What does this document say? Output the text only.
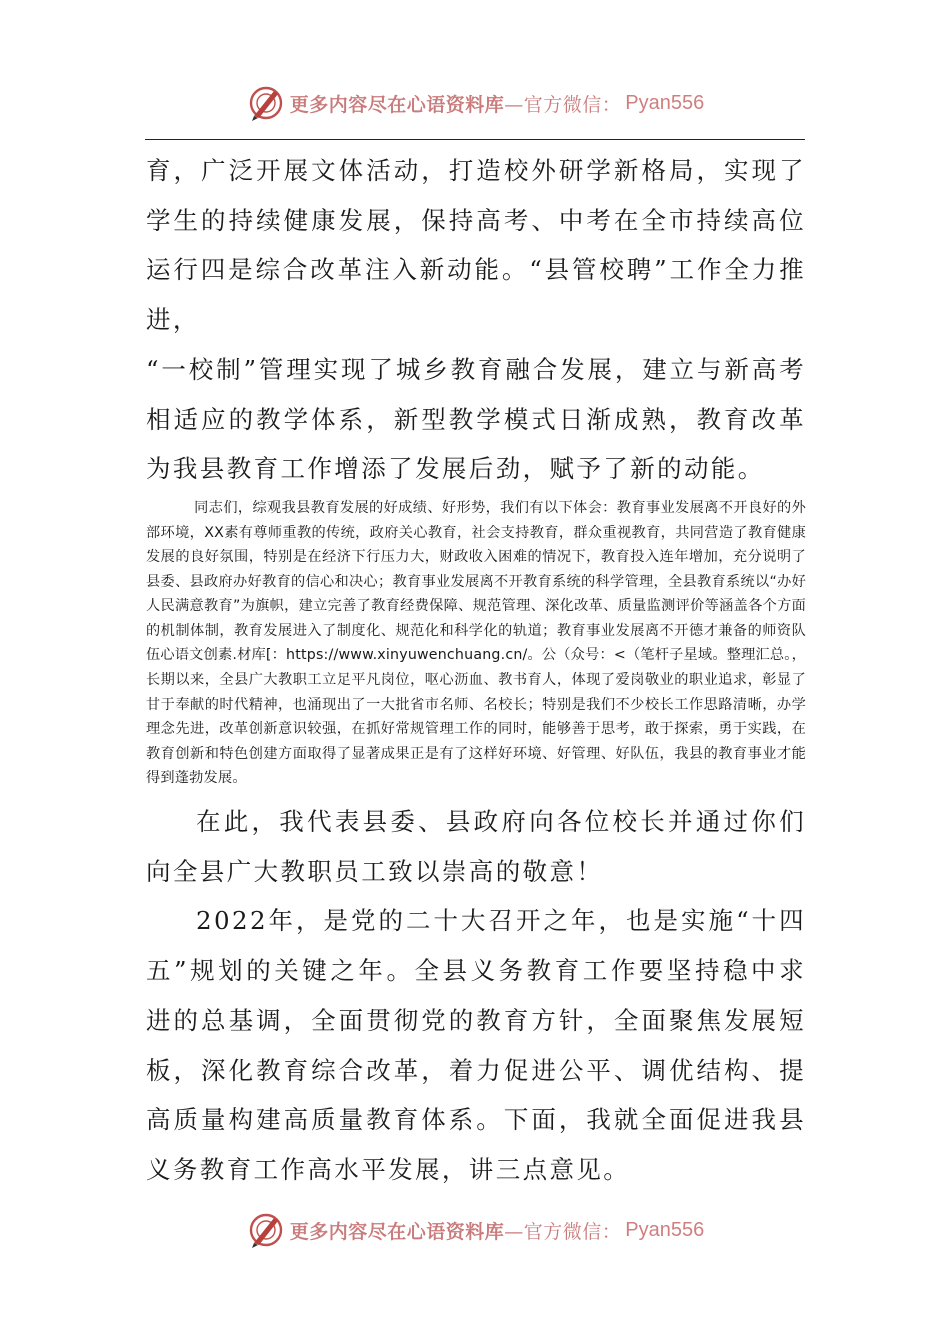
更多内容尽在心语资料库—官方微信： Pyan556

育，广泛开展文体活动，打造校外研学新格局，实现了学生的持续健康发展，保持高考、中考在全市持续高位运行四是综合改革注入新动能。“县管校聘”工作全力推进，

“一校制”管理实现了城乡教育融合发展，建立与新高考相适应的教学体系，新型教学模式日渐成熟，教育改革为我县教育工作增添了发展后劲，赋予了新的动能。

同志们，综观我县教育发展的好成绩、好形势，我们有以下体会：教育事业发展离不开良好的外部环境，XX素有尊师重教的传统，政府关心教育，社会支持教育，群众重视教育，共同营造了教育健康发展的良好氛围，特别是在经济下行压力大，财政收入困难的情况下，教育投入连年增加，充分说明了县委、县政府办好教育的信心和决心；教育事业发展离不开教育系统的科学管理，全县教育系统以“办好人民满意教育”为旗帜，建立完善了教育经费保障、规范管理、深化改革、质量监测评价等涵盖各个方面的机制体制，教育发展进入了制度化、规范化和科学化的轨道；教育事业发展离不开德才兼备的师资队伍心语文创素.材库[：https://www.xinyuwenchuang.cn/。公（众号：<（笔杆子星域。整理汇总。，长期以来，全县广大教职工立足平凡岗位，呕心沥血、教书育人，体现了爱岗敬业的职业追求，彰显了甘于奉献的时代精神，也涌现出了一大批省市名师、名校长；特别是我们不少校长工作思路清晰，办学理念先进，改革创新意识较强，在抓好常规管理工作的同时，能够善于思考，敢于探索，勇于实践，在教育创新和特色创建方面取得了显著成果正是有了这样好环境、好管理、好队伍，我县的教育事业才能得到蓬勃发展。

在此，我代表县委、县政府向各位校长并通过你们向全县广大教职员工致以崇高的敬意！

2022年，是党的二十大召开之年，也是实施“十四五”规划的关键之年。全县义务教育工作要坚持稳中求进的总基调，全面贯彻党的教育方针，全面聚焦发展短板，深化教育综合改革，着力促进公平、调优结构、提高质量构建高质量教育体系。下面，我就全面促进我县义务教育工作高水平发展，讲三点意见。

更多内容尽在心语资料库—官方微信： Pyan556
